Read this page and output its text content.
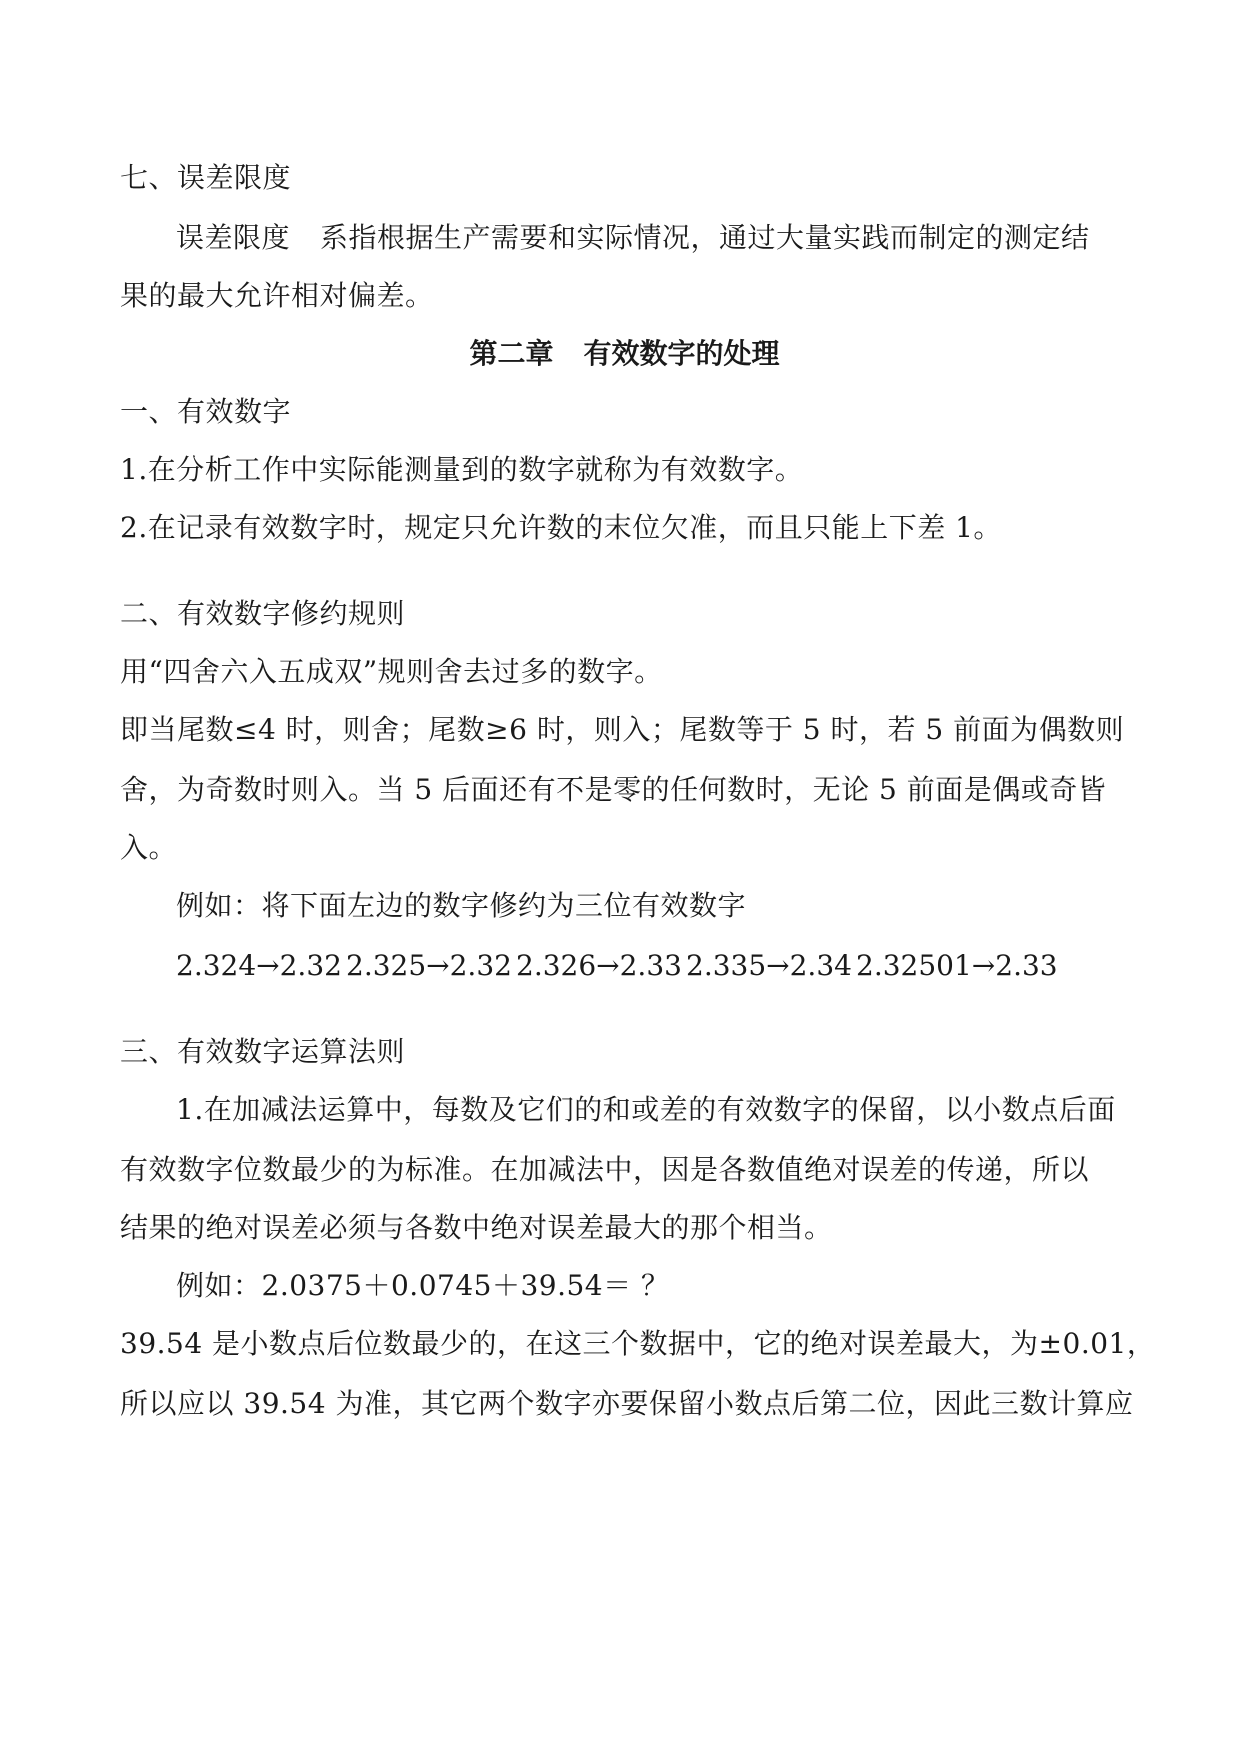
七、误差限度
误差限度 系指根据生产需要和实际情况，通过大量实践而制定的测定结
果的最大允许相对偏差。
第二章 有效数字的处理
一、有效数字
1.在分析工作中实际能测量到的数字就称为有效数字。
2.在记录有效数字时，规定只允许数的末位欠准，而且只能上下差 1。
二、有效数字修约规则
用“四舍六入五成双”规则舍去过多的数字。
即当尾数≤4 时，则舍；尾数≥6 时，则入；尾数等于 5 时，若 5 前面为偶数则
舍，为奇数时则入。当 5 后面还有不是零的任何数时，无论 5 前面是偶或奇皆
入。
例如：将下面左边的数字修约为三位有效数字
2.324→2.32 2.325→2.32 2.326→2.33 2.335→2.34 2.32501→2.33
三、有效数字运算法则
1.在加减法运算中，每数及它们的和或差的有效数字的保留，以小数点后面
有效数字位数最少的为标准。在加减法中，因是各数值绝对误差的传递，所以
结果的绝对误差必须与各数中绝对误差最大的那个相当。
例如：2.0375＋0.0745＋39.54＝ ？
39.54 是小数点后位数最少的，在这三个数据中，它的绝对误差最大，为±0.01，
所以应以 39.54 为准，其它两个数字亦要保留小数点后第二位，因此三数计算应
